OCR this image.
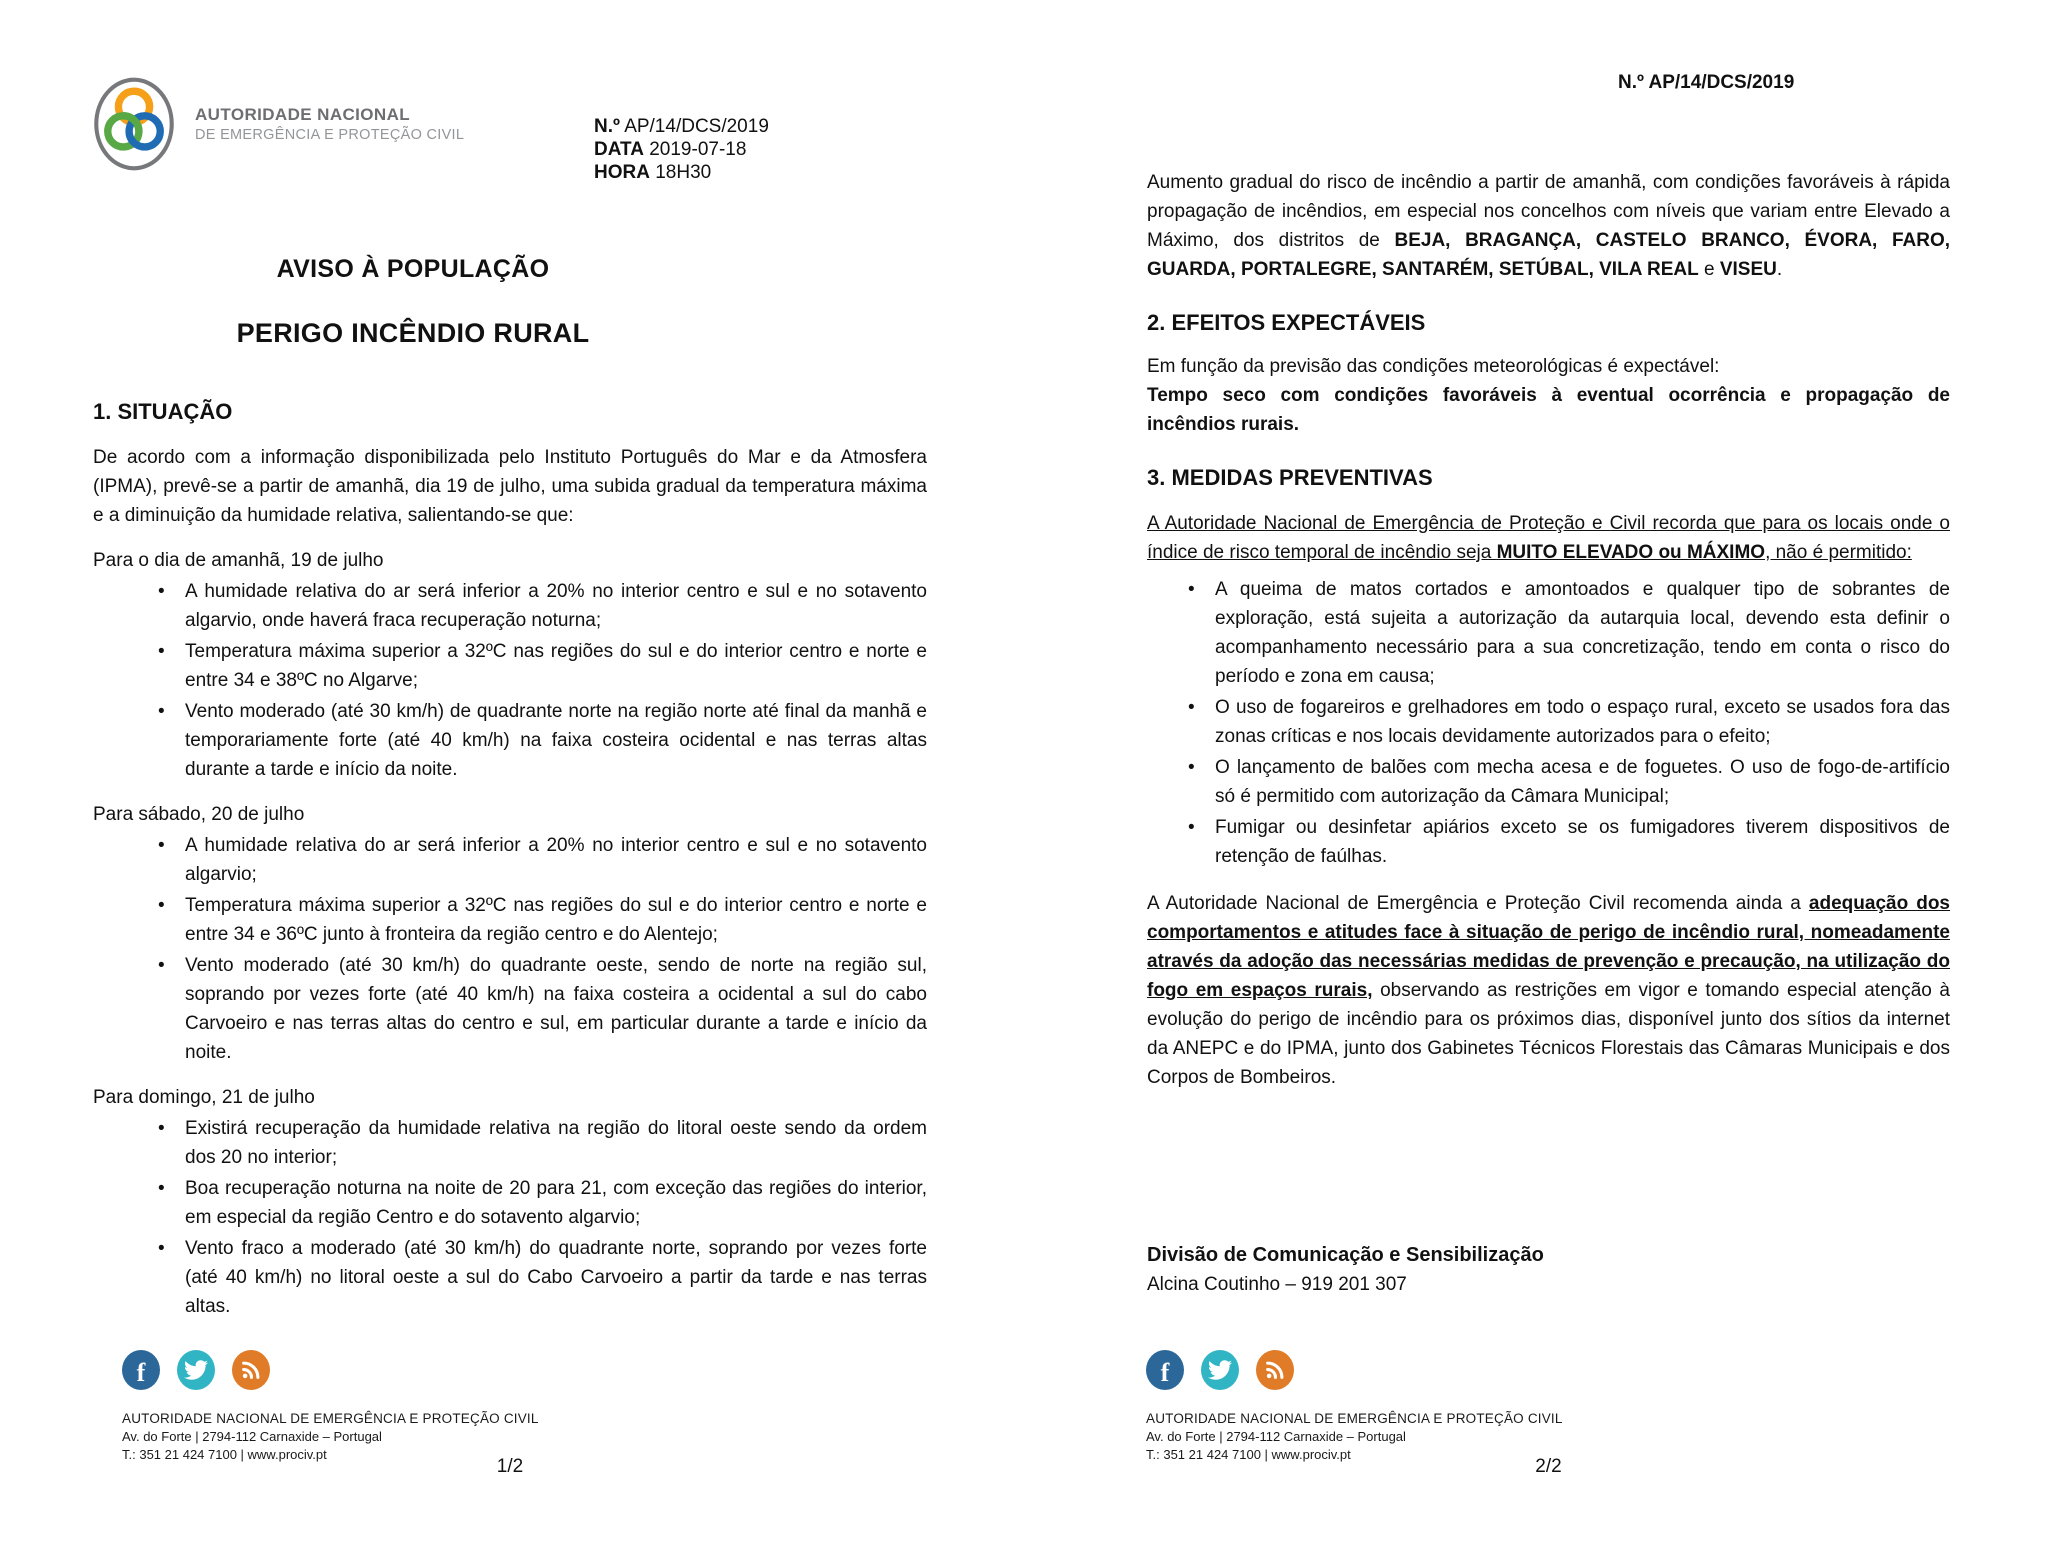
AUTORIDADE NACIONAL
DE EMERGÊNCIA E PROTEÇÃO CIVIL	N.º AP/14/DCS/2019
DATA 2019-07-18
HORA 18H30
AVISO À POPULAÇÃO
PERIGO INCÊNDIO RURAL
1. SITUAÇÃO

De acordo com a informação disponibilizada pelo Instituto Português do Mar e da Atmosfera (IPMA), prevê-se a partir de amanhã, dia 19 de julho, uma subida gradual da temperatura máxima e a diminuição da humidade relativa, salientando-se que:

Para o dia de amanhã, 19 de julho

• A humidade relativa do ar será inferior a 20% no interior centro e sul e no sotavento algarvio, onde haverá fraca recuperação noturna;
• Temperatura máxima superior a 32ºC nas regiões do sul e do interior centro e norte e entre 34 e 38ºC no Algarve;
• Vento moderado (até 30 km/h) de quadrante norte na região norte até final da manhã e temporariamente forte (até 40 km/h) na faixa costeira ocidental e nas terras altas durante a tarde e início da noite.

Para sábado, 20 de julho

• A humidade relativa do ar será inferior a 20% no interior centro e sul e no sotavento algarvio;
• Temperatura máxima superior a 32ºC nas regiões do sul e do interior centro e norte e entre 34 e 36ºC junto à fronteira da região centro e do Alentejo;
• Vento moderado (até 30 km/h) do quadrante oeste, sendo de norte na região sul, soprando por vezes forte (até 40 km/h) na faixa costeira a ocidental a sul do cabo Carvoeiro e nas terras altas do centro e sul, em particular durante a tarde e início da noite.

Para domingo, 21 de julho

• Existirá recuperação da humidade relativa na região do litoral oeste sendo da ordem dos 20 no interior;
• Boa recuperação noturna na noite de 20 para 21, com exceção das regiões do interior, em especial da região Centro e do sotavento algarvio;
• Vento fraco a moderado (até 30 km/h) do quadrante norte, soprando por vezes forte (até 40 km/h) no litoral oeste a sul do Cabo Carvoeiro a partir da tarde e nas terras altas.
f
AUTORIDADE NACIONAL DE EMERGÊNCIA E PROTEÇÃO CIVIL
Av. do Forte | 2794-112 Carnaxide – Portugal
T.: 351 21 424 7100 | www.prociv.pt
1/2
N.º AP/14/DCS/2019

Aumento gradual do risco de incêndio a partir de amanhã, com condições favoráveis à rápida propagação de incêndios, em especial nos concelhos com níveis que variam entre Elevado a Máximo, dos distritos de BEJA, BRAGANÇA, CASTELO BRANCO, ÉVORA, FARO, GUARDA, PORTALEGRE, SANTARÉM, SETÚBAL, VILA REAL e VISEU.

2. EFEITOS EXPECTÁVEIS

Em função da previsão das condições meteorológicas é expectável:

Tempo seco com condições favoráveis à eventual ocorrência e propagação de incêndios rurais.

3. MEDIDAS PREVENTIVAS

A Autoridade Nacional de Emergência de Proteção e Civil recorda que para os locais onde o índice de risco temporal de incêndio seja MUITO ELEVADO ou MÁXIMO, não é permitido:

• A queima de matos cortados e amontoados e qualquer tipo de sobrantes de exploração, está sujeita a autorização da autarquia local, devendo esta definir o acompanhamento necessário para a sua concretização, tendo em conta o risco do período e zona em causa;
• O uso de fogareiros e grelhadores em todo o espaço rural, exceto se usados fora das zonas críticas e nos locais devidamente autorizados para o efeito;
• O lançamento de balões com mecha acesa e de foguetes. O uso de fogo-de-artifício só é permitido com autorização da Câmara Municipal;
• Fumigar ou desinfetar apiários exceto se os fumigadores tiverem dispositivos de retenção de faúlhas.

A Autoridade Nacional de Emergência e Proteção Civil recomenda ainda a adequação dos comportamentos e atitudes face à situação de perigo de incêndio rural, nomeadamente através da adoção das necessárias medidas de prevenção e precaução, na utilização do fogo em espaços rurais, observando as restrições em vigor e tomando especial atenção à evolução do perigo de incêndio para os próximos dias, disponível junto dos sítios da internet da ANEPC e do IPMA, junto dos Gabinetes Técnicos Florestais das Câmaras Municipais e dos Corpos de Bombeiros.

Divisão de Comunicação e Sensibilização
Alcina Coutinho – 919 201 307
f
AUTORIDADE NACIONAL DE EMERGÊNCIA E PROTEÇÃO CIVIL
Av. do Forte | 2794-112 Carnaxide – Portugal
T.: 351 21 424 7100 | www.prociv.pt
2/2
